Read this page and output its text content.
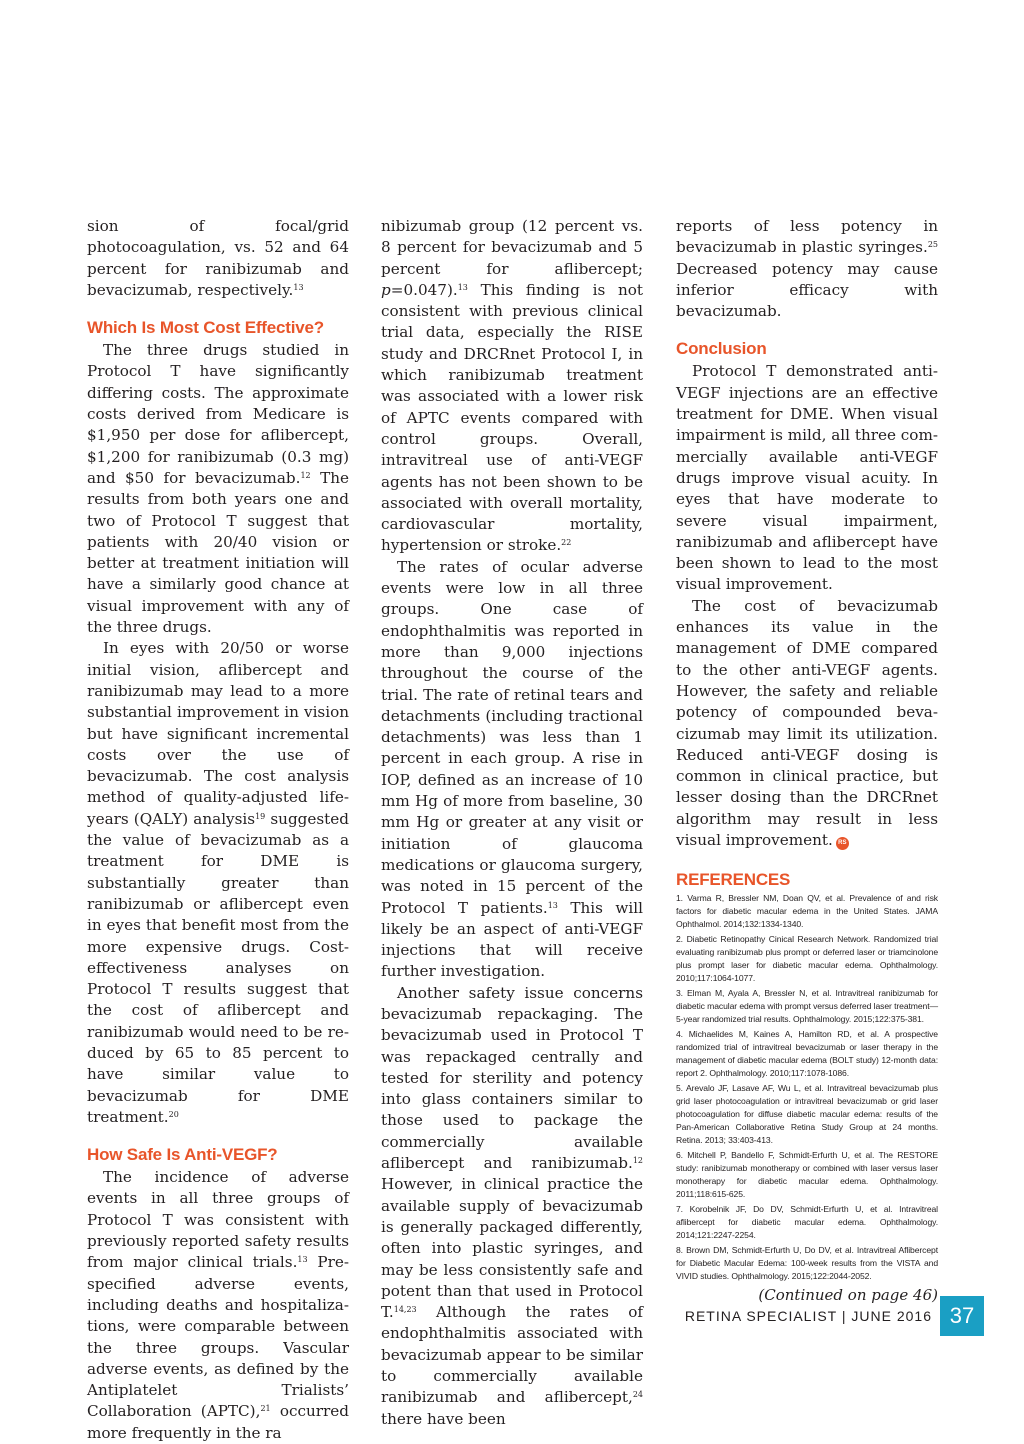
sion of focal/grid photocoagulation, vs. 52 and 64 percent for ranibizumab and bevacizumab, respectively.$^{13}$

Which Is Most Cost Effective?

The three drugs studied in Protocol T have significantly differing costs. The approximate costs derived from Medicare is $1,950 per dose for aflibercept, $1,200 for ranibizumab (0.3 mg) and $50 for bevacizumab.$^{12}$ The results from both years one and two of Protocol T suggest that patients with 20/40 vision or better at treatment initiation will have a similarly good chance at visual improvement with any of the three drugs.

In eyes with 20/50 or worse initial vision, aflibercept and ranibizumab may lead to a more substantial improvement in vision but have significant incremental costs over the use of bevacizumab. The cost analysis method of quality-adjusted life-years (QALY) analysis$^{19}$ suggested the value of bevacizumab as a treatment for DME is substantially greater than ranibizumab or aflibercept even in eyes that benefit most from the more expensive drugs. Cost-effectiveness analyses on Protocol T results suggest that the cost of aflibercept and ranibizumab would need to be reduced by 65 to 85 percent to have similar value to bevacizumab for DME treatment.$^{20}$

How Safe Is Anti-VEGF?

The incidence of adverse events in all three groups of Protocol T was consistent with previously reported safety results from major clinical trials.$^{13}$ Pre-specified adverse events, including deaths and hospitalizations, were comparable between the three groups. Vascular adverse events, as defined by the Antiplatelet Trialists’ Collaboration (APTC),$^{21}$ occurred more frequently in the ra

nibizumab group (12 percent vs. 8 percent for bevacizumab and 5 percent for aflibercept; p=0.047).$^{13}$ This finding is not consistent with previous clinical trial data, especially the RISE study and DRCRnet Protocol I, in which ranibizumab treatment was associated with a lower risk of APTC events compared with control groups. Overall, intravitreal use of anti-VEGF agents has not been shown to be associated with overall mortality, cardiovascular mortality, hypertension or stroke.$^{22}$

The rates of ocular adverse events were low in all three groups. One case of endophthalmitis was reported in more than 9,000 injections throughout the course of the trial. The rate of retinal tears and detachments (including tractional detachments) was less than 1 percent in each group. A rise in IOP, defined as an increase of 10 mm Hg of more from baseline, 30 mm Hg or greater at any visit or initiation of glaucoma medications or glaucoma surgery, was noted in 15 percent of the Protocol T patients.$^{13}$ This will likely be an aspect of anti-VEGF injections that will receive further investigation.

Another safety issue concerns bevacizumab repackaging. The bevacizumab used in Protocol T was repackaged centrally and tested for sterility and potency into glass containers similar to those used to package the commercially available aflibercept and ranibizumab.$^{12}$ However, in clinical practice the available supply of bevacizumab is generally packaged differently, often into plastic syringes, and may be less consistently safe and potent than that used in Protocol T.$^{14,23}$ Although the rates of endophthalmitis associated with bevacizumab appear to be similar to commercially available ranibizumab and aflibercept,$^{24}$ there have been

reports of less potency in bevacizumab in plastic syringes.$^{25}$ Decreased potency may cause inferior efficacy with bevacizumab.

Conclusion

Protocol T demonstrated anti-VEGF injections are an effective treatment for DME. When visual impairment is mild, all three commercially available anti-VEGF drugs improve visual acuity. In eyes that have moderate to severe visual impairment, ranibizumab and aflibercept have been shown to lead to the most visual improvement.

The cost of bevacizumab enhances its value in the management of DME compared to the other anti-VEGF agents. However, the safety and reliable potency of compounded bevacizumab may limit its utilization. Reduced anti-VEGF dosing is common in clinical practice, but lesser dosing than the DRCRnet algorithm may result in less visual improvement. RS

REFERENCES
1. Varma R, Bressler NM, Doan QV, et al. Prevalence of and risk factors for diabetic macular edema in the United States. JAMA Ophthalmol. 2014;132:1334-1340.
2. Diabetic Retinopathy Cinical Research Network. Randomized trial evaluating ranibizumab plus prompt or deferred laser or triamcinolone plus prompt laser for diabetic macular edema. Ophthalmology. 2010;117:1064-1077.
3. Elman M, Ayala A, Bressler N, et al. Intravitreal ranibizumab for diabetic macular edema with prompt versus deferred laser treatment—5-year randomized trial results. Ophthalmology. 2015;122:375-381.
4. Michaelides M, Kaines A, Hamilton RD, et al. A prospective randomized trial of intravitreal bevacizumab or laser therapy in the management of diabetic macular edema (BOLT study) 12-month data: report 2. Ophthalmology. 2010;117:1078-1086.
5. Arevalo JF, Lasave AF, Wu L, et al. Intravitreal bevacizumab plus grid laser photocoagulation or intravitreal bevacizumab or grid laser photocoagulation for diffuse diabetic macular edema: results of the Pan-American Collaborative Retina Study Group at 24 months. Retina. 2013; 33:403-413.
6. Mitchell P, Bandello F, Schmidt-Erfurth U, et al. The RESTORE study: ranibizumab monotherapy or combined with laser versus laser monotherapy for diabetic macular edema. Ophthalmology. 2011;118:615-625.
7. Korobelnik JF, Do DV, Schmidt-Erfurth U, et al. Intravitreal aflibercept for diabetic macular edema. Ophthalmology. 2014;121:2247-2254.
8. Brown DM, Schmidt-Erfurth U, Do DV, et al. Intravitreal Aflibercept for Diabetic Macular Edema: 100-week results from the VISTA and VIVID studies. Ophthalmology. 2015;122:2044-2052.

(Continued on page 46)

RETINA SPECIALIST | JUNE 2016 37
